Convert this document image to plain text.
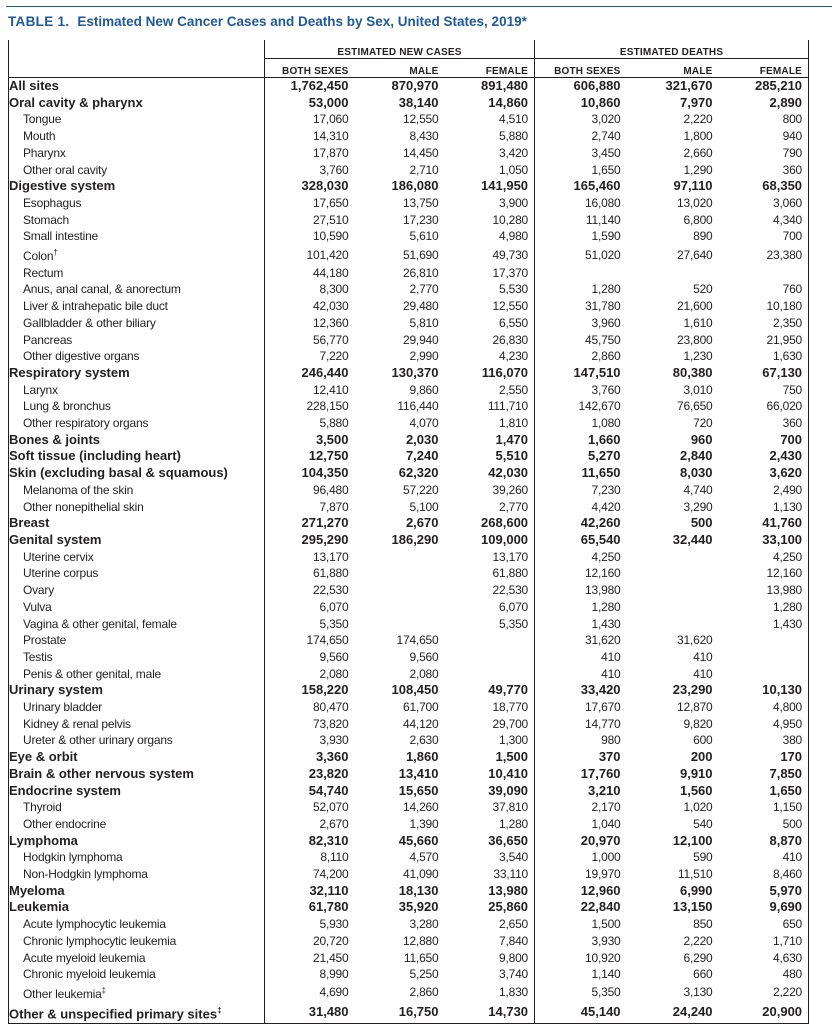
TABLE 1. Estimated New Cancer Cases and Deaths by Sex, United States, 2019*
	ESTIMATED NEW CASES			ESTIMATED DEATHS		
	BOTH SEXES	MALE	FEMALE	BOTH SEXES	MALE	FEMALE
All sites	1,762,450	870,970	891,480	606,880	321,670	285,210
Oral cavity & pharynx	53,000	38,140	14,860	10,860	7,970	2,890
Tongue	17,060	12,550	4,510	3,020	2,220	800
Mouth	14,310	8,430	5,880	2,740	1,800	940
Pharynx	17,870	14,450	3,420	3,450	2,660	790
Other oral cavity	3,760	2,710	1,050	1,650	1,290	360
Digestive system	328,030	186,080	141,950	165,460	97,110	68,350
Esophagus	17,650	13,750	3,900	16,080	13,020	3,060
Stomach	27,510	17,230	10,280	11,140	6,800	4,340
Small intestine	10,590	5,610	4,980	1,590	890	700
Colon†	101,420	51,690	49,730	51,020	27,640	23,380
Rectum	44,180	26,810	17,370			
Anus, anal canal, & anorectum	8,300	2,770	5,530	1,280	520	760
Liver & intrahepatic bile duct	42,030	29,480	12,550	31,780	21,600	10,180
Gallbladder & other biliary	12,360	5,810	6,550	3,960	1,610	2,350
Pancreas	56,770	29,940	26,830	45,750	23,800	21,950
Other digestive organs	7,220	2,990	4,230	2,860	1,230	1,630
Respiratory system	246,440	130,370	116,070	147,510	80,380	67,130
Larynx	12,410	9,860	2,550	3,760	3,010	750
Lung & bronchus	228,150	116,440	111,710	142,670	76,650	66,020
Other respiratory organs	5,880	4,070	1,810	1,080	720	360
Bones & joints	3,500	2,030	1,470	1,660	960	700
Soft tissue (including heart)	12,750	7,240	5,510	5,270	2,840	2,430
Skin (excluding basal & squamous)	104,350	62,320	42,030	11,650	8,030	3,620
Melanoma of the skin	96,480	57,220	39,260	7,230	4,740	2,490
Other nonepithelial skin	7,870	5,100	2,770	4,420	3,290	1,130
Breast	271,270	2,670	268,600	42,260	500	41,760
Genital system	295,290	186,290	109,000	65,540	32,440	33,100
Uterine cervix	13,170		13,170	4,250		4,250
Uterine corpus	61,880		61,880	12,160		12,160
Ovary	22,530		22,530	13,980		13,980
Vulva	6,070		6,070	1,280		1,280
Vagina & other genital, female	5,350		5,350	1,430		1,430
Prostate	174,650	174,650		31,620	31,620	
Testis	9,560	9,560		410	410	
Penis & other genital, male	2,080	2,080		410	410	
Urinary system	158,220	108,450	49,770	33,420	23,290	10,130
Urinary bladder	80,470	61,700	18,770	17,670	12,870	4,800
Kidney & renal pelvis	73,820	44,120	29,700	14,770	9,820	4,950
Ureter & other urinary organs	3,930	2,630	1,300	980	600	380
Eye & orbit	3,360	1,860	1,500	370	200	170
Brain & other nervous system	23,820	13,410	10,410	17,760	9,910	7,850
Endocrine system	54,740	15,650	39,090	3,210	1,560	1,650
Thyroid	52,070	14,260	37,810	2,170	1,020	1,150
Other endocrine	2,670	1,390	1,280	1,040	540	500
Lymphoma	82,310	45,660	36,650	20,970	12,100	8,870
Hodgkin lymphoma	8,110	4,570	3,540	1,000	590	410
Non-Hodgkin lymphoma	74,200	41,090	33,110	19,970	11,510	8,460
Myeloma	32,110	18,130	13,980	12,960	6,990	5,970
Leukemia	61,780	35,920	25,860	22,840	13,150	9,690
Acute lymphocytic leukemia	5,930	3,280	2,650	1,500	850	650
Chronic lymphocytic leukemia	20,720	12,880	7,840	3,930	2,220	1,710
Acute myeloid leukemia	21,450	11,650	9,800	10,920	6,290	4,630
Chronic myeloid leukemia	8,990	5,250	3,740	1,140	660	480
Other leukemia‡	4,690	2,860	1,830	5,350	3,130	2,220
Other & unspecified primary sites‡	31,480	16,750	14,730	45,140	24,240	20,900
